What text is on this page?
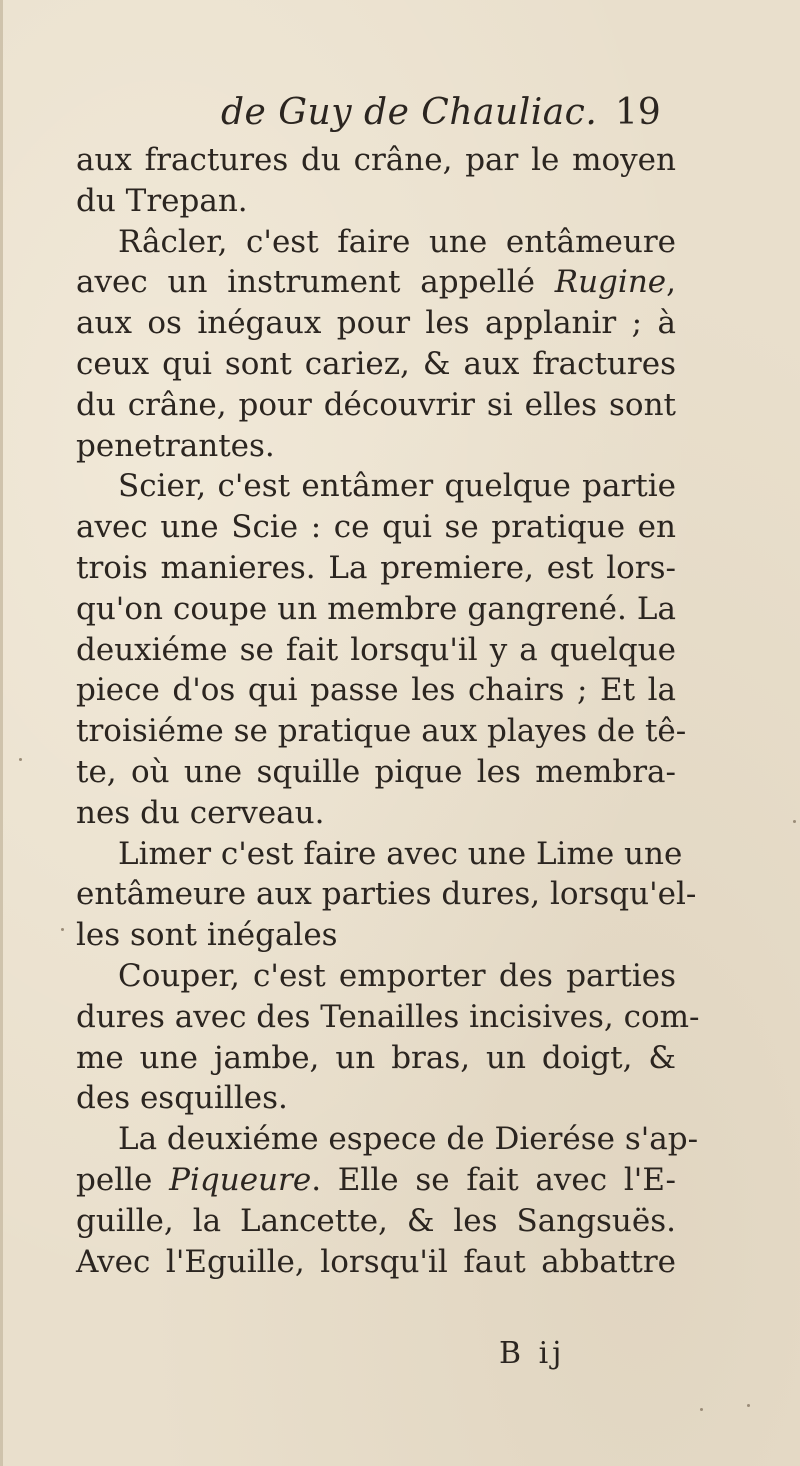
de Guy de Chauliac. 19
aux fractures du crâne, par le moyen
du Trepan.
Râcler, c'est faire une entâmeure
avec un instrument appellé Rugine,
aux os inégaux pour les applanir ; à
ceux qui sont cariez, & aux fractures
du crâne, pour découvrir si elles sont
penetrantes.
Scier, c'est entâmer quelque partie
avec une Scie : ce qui se pratique en
trois manieres. La premiere, est lors-
qu'on coupe un membre gangrené. La
deuxiéme se fait lorsqu'il y a quelque
piece d'os qui passe les chairs ; Et la
troisiéme se pratique aux playes de tê-
te, où une squille pique les membra-
nes du cerveau.
Limer c'est faire avec une Lime une
entâmeure aux parties dures, lorsqu'el-
les sont inégales
Couper, c'est emporter des parties
dures avec des Tenailles incisives, com-
me une jambe, un bras, un doigt, &
des esquilles.
La deuxiéme espece de Dierése s'ap-
pelle Piqueure. Elle se fait avec l'E-
guille, la Lancette, & les Sangsuës.
Avec l'Eguille, lorsqu'il faut abbattre
B ij
